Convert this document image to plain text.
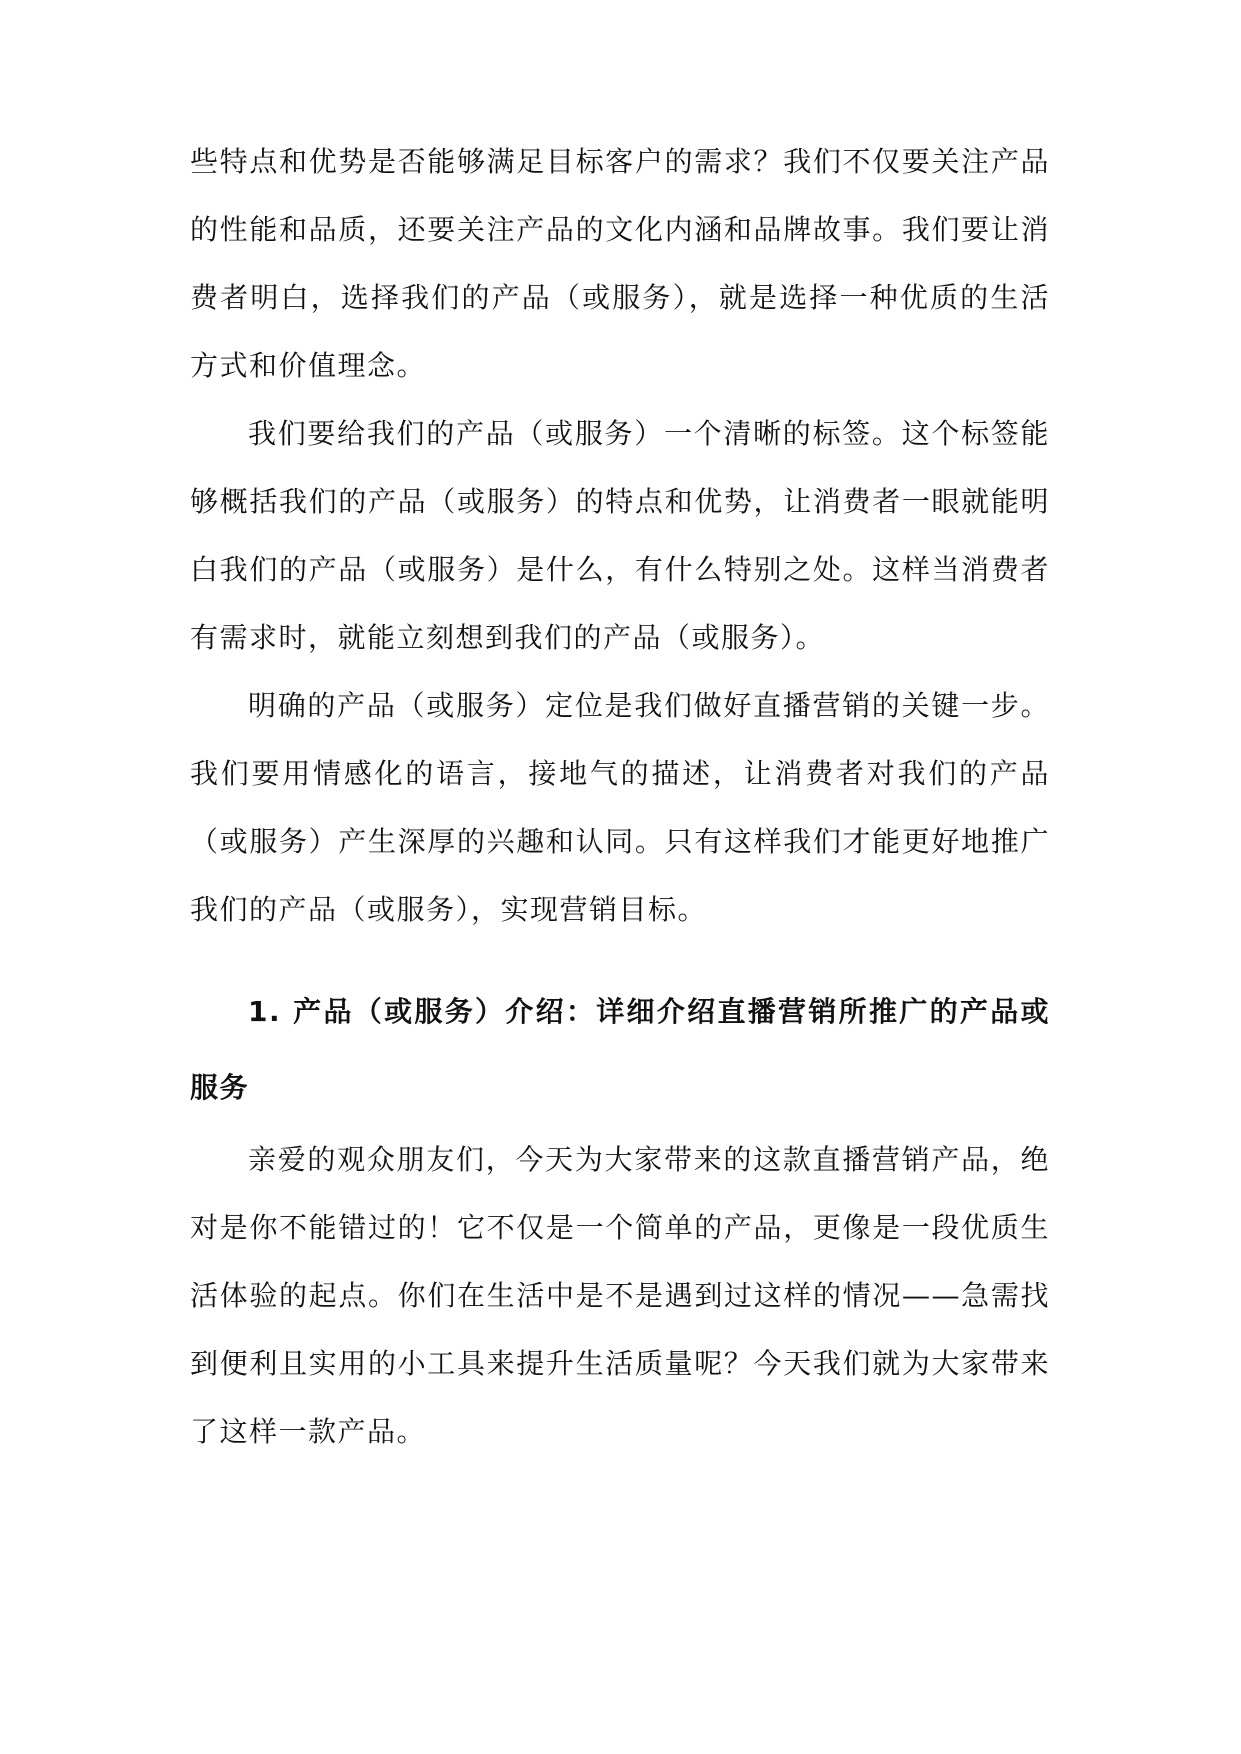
些特点和优势是否能够满足目标客户的需求？我们不仅要关注产品的性能和品质，还要关注产品的文化内涵和品牌故事。我们要让消费者明白，选择我们的产品（或服务），就是选择一种优质的生活方式和价值理念。

我们要给我们的产品（或服务）一个清晰的标签。这个标签能够概括我们的产品（或服务）的特点和优势，让消费者一眼就能明白我们的产品（或服务）是什么，有什么特别之处。这样当消费者有需求时，就能立刻想到我们的产品（或服务）。

明确的产品（或服务）定位是我们做好直播营销的关键一步。我们要用情感化的语言，接地气的描述，让消费者对我们的产品（或服务）产生深厚的兴趣和认同。只有这样我们才能更好地推广我们的产品（或服务），实现营销目标。

1. 产品（或服务）介绍：详细介绍直播营销所推广的产品或服务

亲爱的观众朋友们，今天为大家带来的这款直播营销产品，绝对是你不能错过的！它不仅是一个简单的产品，更像是一段优质生活体验的起点。你们在生活中是不是遇到过这样的情况——急需找到便利且实用的小工具来提升生活质量呢？今天我们就为大家带来了这样一款产品。
